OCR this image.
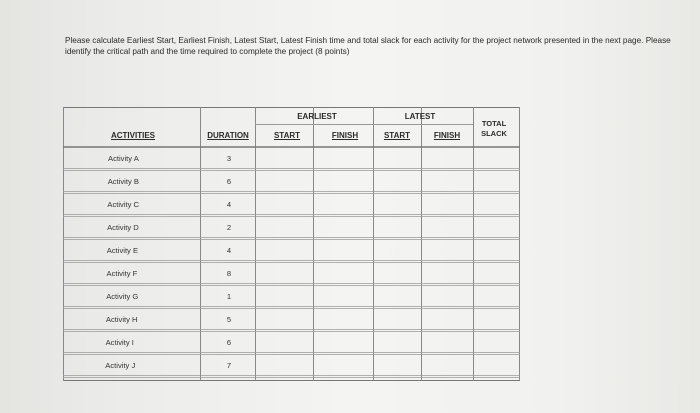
Please calculate Earliest Start, Earliest Finish, Latest Start, Latest Finish time and total slack for each activity for the project network presented in the next page. Please identify the critical path and the time required to complete the project (8 points)

EARLIEST	LATEST
ACTIVITIES	DURATION	START	FINISH	START	FINISH
TOTAL
SLACK
Activity A	3
Activity B	6
Activity C	4
Activity D	2
Activity E	4
Activity F	8
Activity G	1
Activity H	5
Activity I	6
Activity J	7
